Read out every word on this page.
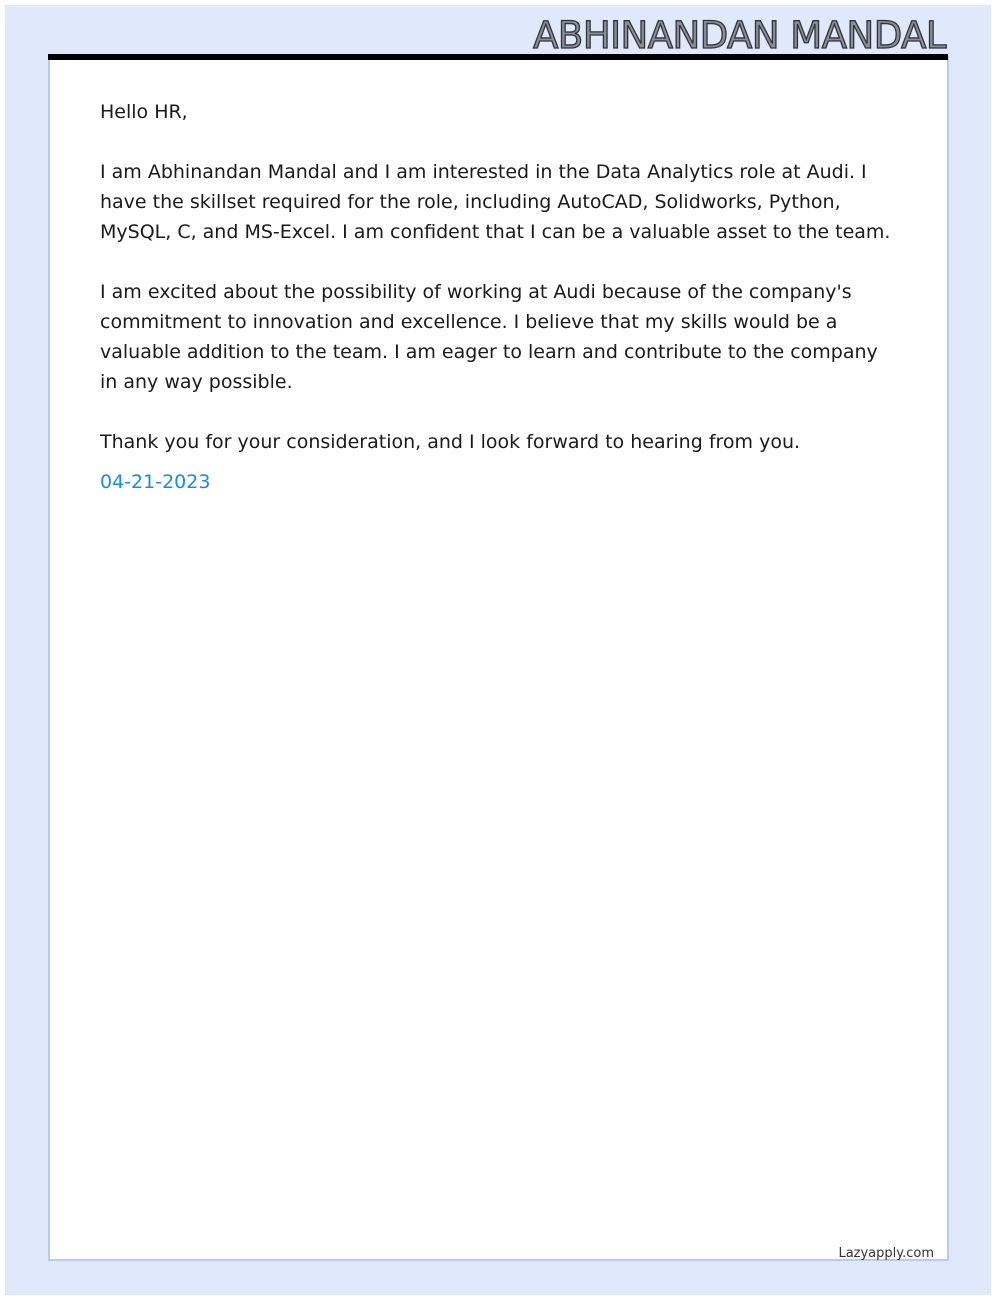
ABHINANDAN MANDAL

Hello HR,

I am Abhinandan Mandal and I am interested in the Data Analytics role at Audi. I have the skillset required for the role, including AutoCAD, Solidworks, Python, MySQL, C, and MS-Excel. I am confident that I can be a valuable asset to the team.

I am excited about the possibility of working at Audi because of the company's commitment to innovation and excellence. I believe that my skills would be a valuable addition to the team. I am eager to learn and contribute to the company in any way possible.

Thank you for your consideration, and I look forward to hearing from you.

04-21-2023
Lazyapply.com
